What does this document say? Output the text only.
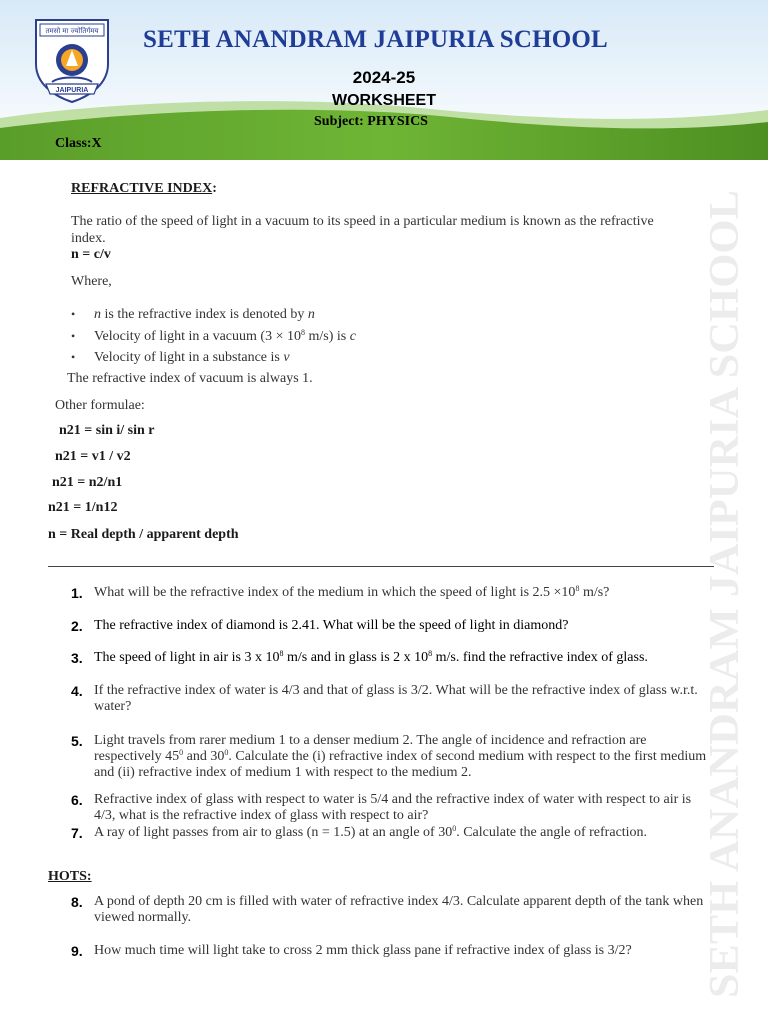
तमसो मा ज्योतिर्गमय
JAIPURIA
SETH ANANDRAM JAIPURIA SCHOOL
2024-25
WORKSHEET
Subject: PHYSICS
Class:X
SETH ANANDRAM JAIPURIA SCHOOL
REFRACTIVE INDEX:
The ratio of the speed of light in a vacuum to its speed in a particular medium is known as the refractive index.
n = c/v
Where,
• n is the refractive index is denoted by n
• Velocity of light in a vacuum ($3 \times 10^8$ m/s) is c
• Velocity of light in a substance is v
The refractive index of vacuum is always 1.
Other formulae:
n21 = sin i/ sin r
n21 = v1 / v2
n21 = n2/n1
n21 = 1/n12
n = Real depth / apparent depth
1. What will be the refractive index of the medium in which the speed of light is $2.5 \times 10^8$ m/s?
2. The refractive index of diamond is 2.41. What will be the speed of light in diamond?
3. The speed of light in air is 3 x $10^8$ m/s and in glass is 2 x $10^8$ m/s. find the refractive index of glass.
4. If the refractive index of water is 4/3 and that of glass is 3/2. What will be the refractive index of glass w.r.t. water?
5. Light travels from rarer medium 1 to a denser medium 2. The angle of incidence and refraction are respectively $45^0$ and $30^0$. Calculate the (i) refractive index of second medium with respect to the first medium and (ii) refractive index of medium 1 with respect to the medium 2.
6. Refractive index of glass with respect to water is 5/4 and the refractive index of water with respect to air is 4/3, what is the refractive index of glass with respect to air?
7. A ray of light passes from air to glass (n = 1.5) at an angle of $30^0$. Calculate the angle of refraction.
HOTS:
8. A pond of depth 20 cm is filled with water of refractive index 4/3. Calculate apparent depth of the tank when viewed normally.
9. How much time will light take to cross 2 mm thick glass pane if refractive index of glass is 3/2?
